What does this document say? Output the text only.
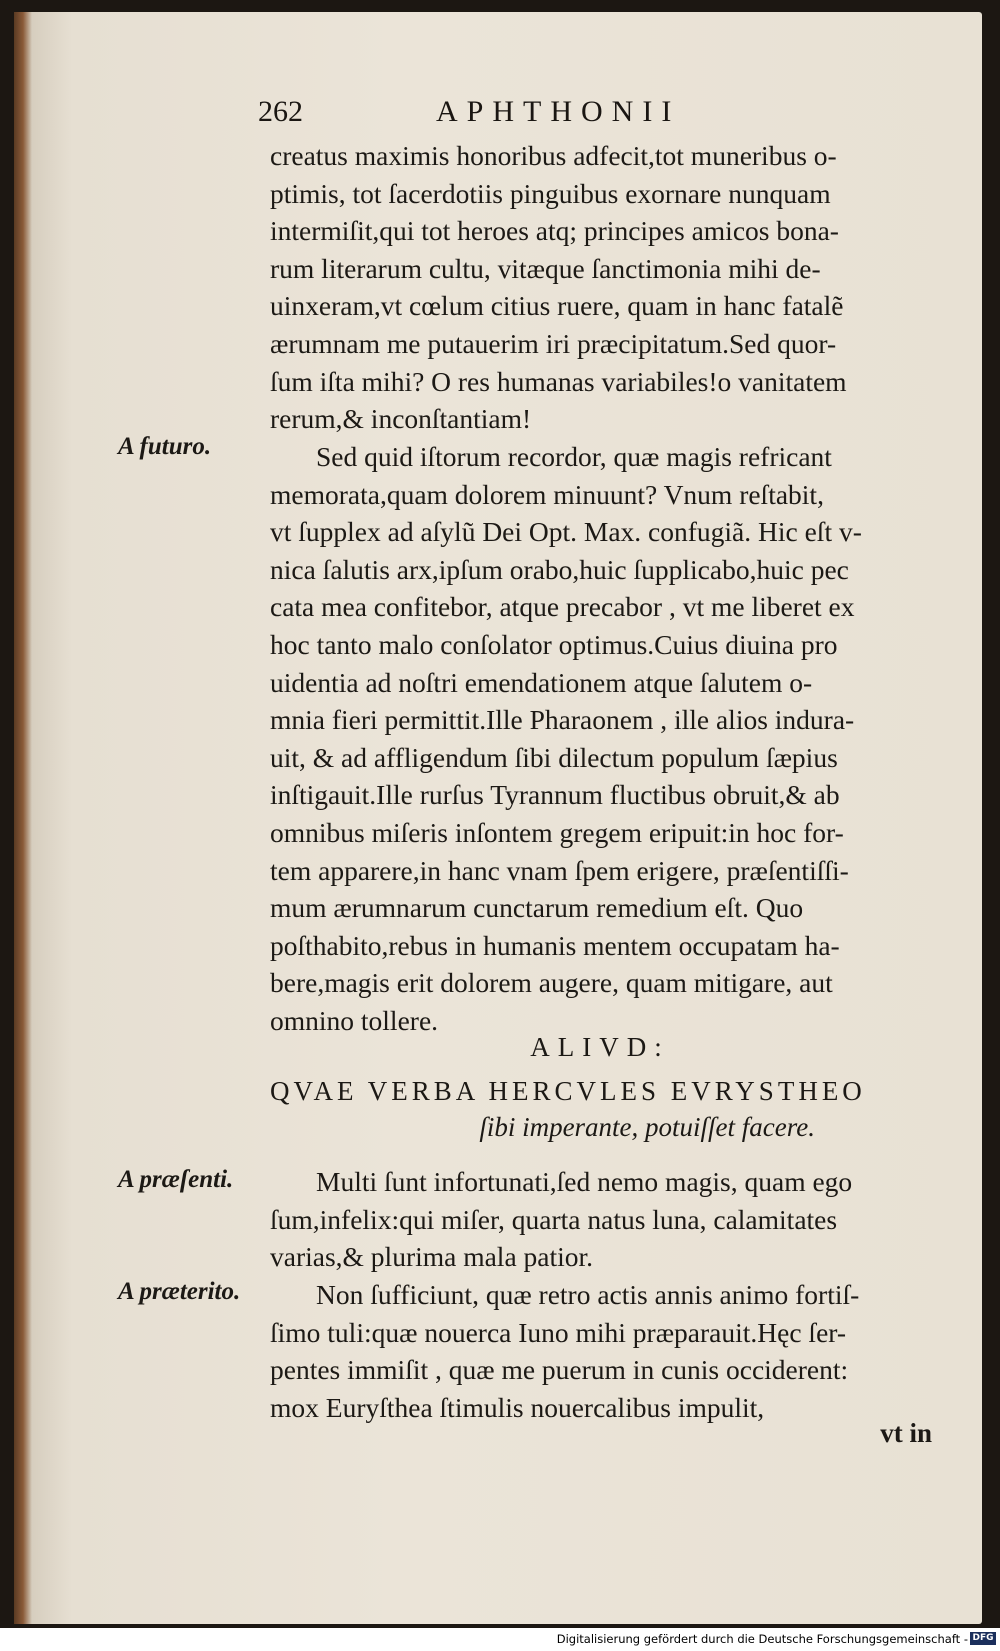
262	APHTHONII
creatus maximis honoribus adfecit,tot muneribus o-
ptimis, tot ſacerdotiis pinguibus exornare nunquam
intermiſit,qui tot heroes atq; principes amicos bona-
rum literarum cultu, vitæque ſanctimonia mihi de-
uinxeram,vt cœlum citius ruere, quam in hanc fatalẽ
ærumnam me putauerim iri præcipitatum.Sed quor-
ſum iſta mihi? O res humanas variabiles!o vanitatem
rerum,& inconſtantiam!
A futuro.	Sed quid iſtorum recordor, quæ magis refricant
memorata,quam dolorem minuunt? Vnum reſtabit,
vt ſupplex ad aſylũ Dei Opt. Max. confugiã. Hic eſt v-
nica ſalutis arx,ipſum orabo,huic ſupplicabo,huic pec
cata mea confitebor, atque precabor , vt me liberet ex
hoc tanto malo conſolator optimus.Cuius diuina pro
uidentia ad noſtri emendationem atque ſalutem o-
mnia fieri permittit.Ille Pharaonem , ille alios indura-
uit, & ad affligendum ſibi dilectum populum ſæpius
inſtigauit.Ille rurſus Tyrannum fluctibus obruit,& ab
omnibus miſeris inſontem gregem eripuit:in hoc for-
tem apparere,in hanc vnam ſpem erigere, præſentiſſi-
mum ærumnarum cunctarum remedium eſt. Quo
poſthabito,rebus in humanis mentem occupatam ha-
bere,magis erit dolorem augere, quam mitigare, aut
omnino tollere.
ALIVD:
QVAE VERBA HERCVLES EVRYSTHEO
ſibi imperante, potuiſſet facere.
A præſenti.	Multi ſunt infortunati,ſed nemo magis, quam ego
ſum,infelix:qui miſer, quarta natus luna, calamitates
varias,& plurima mala patior.
A præterito.	Non ſufficiunt, quæ retro actis annis animo fortiſ-
ſimo tuli:quæ nouerca Iuno mihi præparauit.Hęc ſer-
pentes immiſit , quæ me puerum in cunis occiderent:
mox Euryſthea ſtimulis nouercalibus impulit,
vt in
Digitalisierung gefördert durch die Deutsche Forschungsgemeinschaft - DFG
